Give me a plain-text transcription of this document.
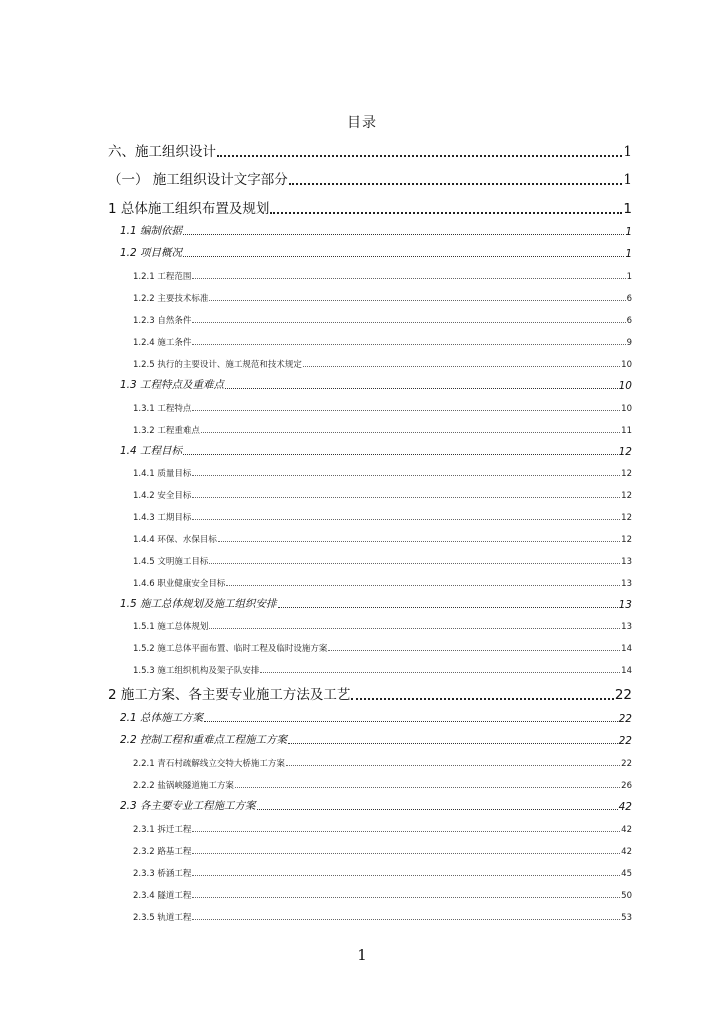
目录
六、施工组织设计	1
（一） 施工组织设计文字部分	1
1 总体施工组织布置及规划	1
1.1 编制依据	1
1.2 项目概况	1
1.2.1 工程范围	1
1.2.2 主要技术标准	6
1.2.3 自然条件	6
1.2.4 施工条件	9
1.2.5 执行的主要设计、施工规范和技术规定	10
1.3 工程特点及重难点	10
1.3.1 工程特点	10
1.3.2 工程重难点	11
1.4 工程目标	12
1.4.1 质量目标	12
1.4.2 安全目标	12
1.4.3 工期目标	12
1.4.4 环保、水保目标	12
1.4.5 文明施工目标	13
1.4.6 职业健康安全目标	13
1.5 施工总体规划及施工组织安排	13
1.5.1 施工总体规划	13
1.5.2 施工总体平面布置、临时工程及临时设施方案	14
1.5.3 施工组织机构及架子队安排	14
2 施工方案、各主要专业施工方法及工艺	22
2.1 总体施工方案	22
2.2 控制工程和重难点工程施工方案	22
2.2.1 青石村疏解线立交特大桥施工方案	22
2.2.2 盐锅峡隧道施工方案	26
2.3 各主要专业工程施工方案	42
2.3.1 拆迁工程	42
2.3.2 路基工程	42
2.3.3 桥涵工程	45
2.3.4 隧道工程	50
2.3.5 轨道工程	53
1
